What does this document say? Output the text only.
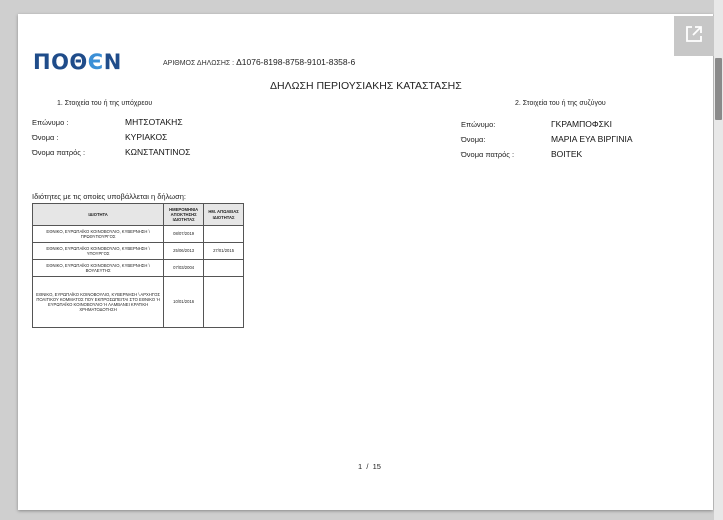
ΠΟΘЄΝ	ΑΡΙΘΜΟΣ ΔΗΛΩΣΗΣ : Δ1076-8198-8758-9101-8358-6
ΔΗΛΩΣΗ ΠΕΡΙΟΥΣΙΑΚΗΣ ΚΑΤΑΣΤΑΣΗΣ
1. Στοιχεία του ή της υπόχρεου
Επώνυμο :	ΜΗΤΣΟΤΑΚΗΣ
Όνομα :	ΚΥΡΙΑΚΟΣ
Όνομα πατρός :	ΚΩΝΣΤΑΝΤΙΝΟΣ
2. Στοιχεία του ή της συζύγου
Επώνυμο:	ΓΚΡΑΜΠΟΦΣΚΙ
Όνομα:	ΜΑΡΙΑ ΕΥΑ ΒΙΡΓΙΝΙΑ
Όνομα πατρός :	ΒΟΙΤΕΚ
Ιδιότητες με τις οποίες υποβάλλεται η δήλωση:
ΙΔΙΟΤΗΤΑ	ΗΜΕΡΟΜΗΝΙΑ ΑΠΟΚΤΗΣΗΣ ΙΔΙΟΤΗΤΑΣ	ΗΜ. ΑΠΩΛΕΙΑΣ ΙΔΙΟΤΗΤΑΣ
ΕΘΝΙΚΟ, ΕΥΡΩΠΑΪΚΟ ΚΟΙΝΟΒΟΥΛΙΟ, ΚΥΒΕΡΝΗΣΗ \ ΠΡΩΘΥΠΟΥΡΓΟΣ	08/07/2019	
ΕΘΝΙΚΟ, ΕΥΡΩΠΑΪΚΟ ΚΟΙΝΟΒΟΥΛΙΟ, ΚΥΒΕΡΝΗΣΗ \ ΥΠΟΥΡΓΟΣ	25/06/2013	27/01/2015
ΕΘΝΙΚΟ, ΕΥΡΩΠΑΪΚΟ ΚΟΙΝΟΒΟΥΛΙΟ, ΚΥΒΕΡΝΗΣΗ \ ΒΟΥΛΕΥΤΗΣ	07/03/2004	
ΕΘΝΙΚΟ, ΕΥΡΩΠΑΪΚΟ ΚΟΙΝΟΒΟΥΛΙΟ, ΚΥΒΕΡΝΗΣΗ \ ΑΡΧΗΓΟΣ ΠΟΛΙΤΙΚΟΥ ΚΟΜΜΑΤΟΣ ΠΟΥ ΕΚΠΡΟΣΩΠΕΙΤΑΙ ΣΤΟ ΕΘΝΙΚΟ Ή ΕΥΡΩΠΑΪΚΟ ΚΟΙΝΟΒΟΥΛΙΟ Ή ΛΑΜΒΑΝΕΙ ΚΡΑΤΙΚΗ ΧΡΗΜΑΤΟΔΟΤΗΣΗ	10/01/2016	
1 / 15
